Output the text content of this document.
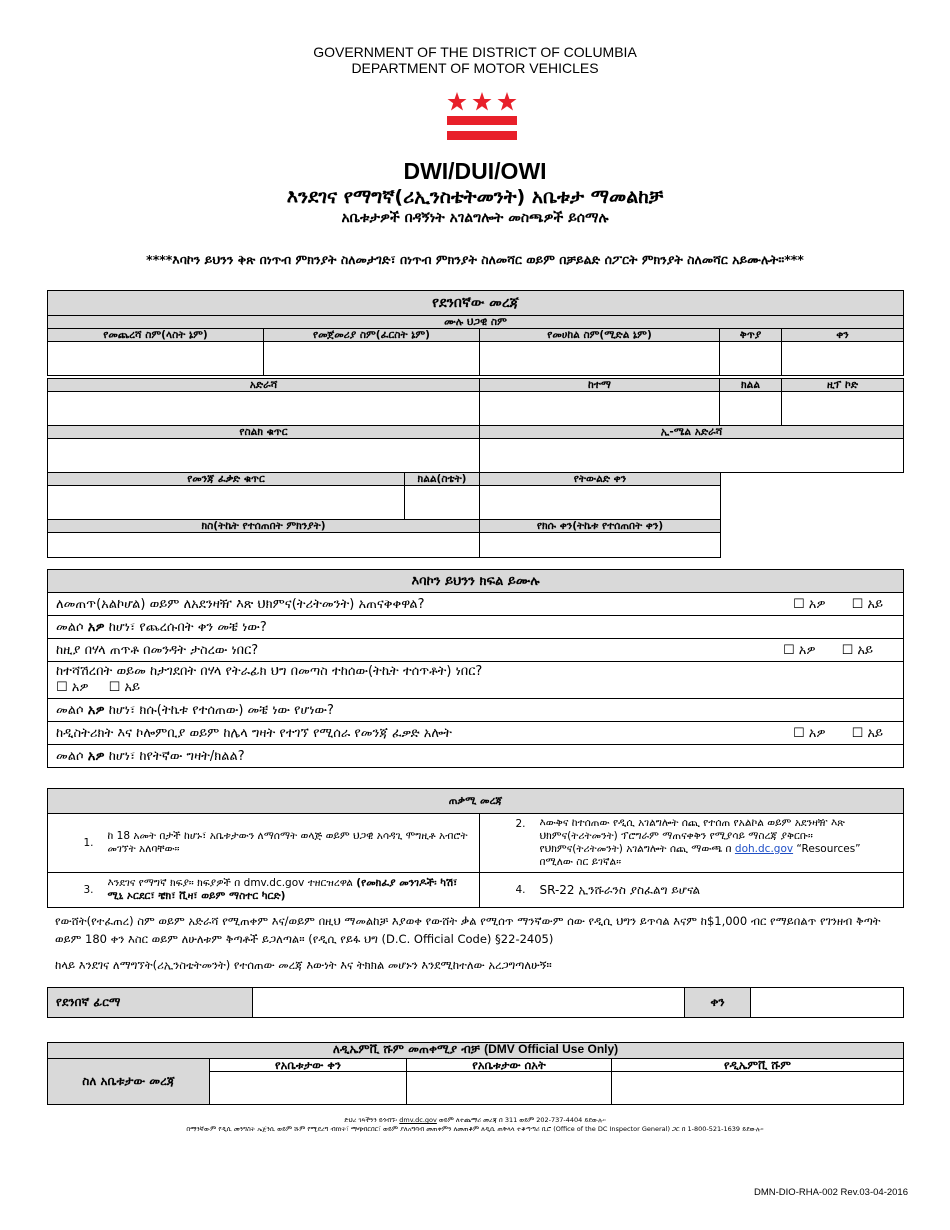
GOVERNMENT OF THE DISTRICT OF COLUMBIA
DEPARTMENT OF MOTOR VEHICLES
DWI/DUI/OWI
እንደገና የማግኛ(ሪኢንስቴትመንት) አቤቱታ ማመልከቻ
አቤቱታዎች በዳኝነት አገልግሎት መስጫዎች ይሰማሉ
****እባኮን ይህንን ቅጽ በነጥብ ምክንያት ስለመታገድ፣ በነጥብ ምክንያት ስለመሻር ወይም በቻይልድ ሰፖርት ምክንያት ስለመሻር አይሙሉት።***
የደንበኛው መረጃ				
ሙሉ ህጋዊ ስም				
የመጨረሻ ስም(ላስት ኔም)	የመጀመሪያ ስም(ፈርስት ኔም)	የመሀከል ስም(ሚድል ኔም)	ቅጥያ	ቀን

አድራሻ	ከተማ	ክልል	ዚፕ ኮድ

የስልክ ቁጥር	ኢ-ሜል አድራሻ		

የመንጃ ፈቃድ ቁጥር	ክልል(ስቴት)	የትውልድ ቀን

ክስ(ትኬት የተሰጠበት ምክንያት)		የክሱ ቀን(ትኬቱ የተሰጠበት ቀን)

እባኮን ይህንን ክፍል ይሙሉ
ለመጠጥ(አልኮሆል) ወይም ለአደንዛዥ እጽ ህክምና(ትሪትመንት) አጠናቅቀዋል?	☐ አዎ ☐ አይ

መልሶ አዎ ከሆነ፣ የጨረሱበት ቀን መቼ ነው?
ከዚያ በሃላ ጠጥቶ በመንዳት ታስረው ነበር?	☐ አዎ ☐ አይ

ከተሻሽረበት ወይመ ከታገደበት በሃላ የትራፊክ ህግ በመጣስ ተከሰው(ትኬት ተሰጥቶት) ነበር?
☐ አዎ ☐ አይ

መልሶ አዎ ከሆነ፣ ክሱ(ትኬቱ የተሰጠው) መቼ ነው የሆነው?
ከዲስትሪክት እና ኮሎምቢያ ወይም ከሌላ ግዛት የተገኘ የሚሰራ የመንጃ ፈቃድ አሎት	☐ አዎ ☐ አይ

መልሶ አዎ ከሆነ፣ ከየትኛው ግዛት/ክልል?
ጠቃሚ መረጃ			
1.	ከ 18 አመት በታች ከሆኑ፣ አቤቱታውን ለማሰማት ወላጅ ወይም ህጋዊ አሳዳጊ ሞግዚቶ አብሮት መገኘት አለባቸው።	2.	እውቅና ከተሰጠው የዲሲ አገልግሎት ሰጪ የተሰጠ የአልኮል ወይም አደንዛዥ እጽ ህክምና(ትሪትመንት) ፕሮግራም ማጠናቀቅን የሚያሳይ ማስረጃ ያቅርቡ።
የህክምና(ትሪትመንት) አገልግሎት ሰጪ ማውጫ በ doh.dc.gov “Resources” በሚለው ስር ይገኛል።
3.	እንደገና የማግኛ ክፍያ። ክፍያዎች በ dmv.dc.gov ተዘርዝረዋል (የመክፈያ መንገዶች፡ ካሽ፣ ሚኒ ኦርደር፣ ቼክ፣ ቪዛ፣ ወይም ማስተር ካርድ)	4.	SR-22 ኢንሹራንስ ያስፈልግ ይሆናል
የውሸት(የተፈጠረ) ስም ወይም አድራሻ የሚጠቀም እና/ወይም በዚህ ማመልከቻ እያወቀ የውሸት ቃል የሚሰጥ ማንኛውም ሰው የዲሲ ህግን ይጥሳል እናም ከ$1,000 ብር የማይበልጥ የገንዘብ ቅጣት ወይም 180 ቀን እስር ወይም ለሁለቱም ቅጣቶች ይጋለጣል። (የዲሲ የይፋ ህግ (D.C. Official Code) §22-2405)
ከላይ እንደገና ለማግኘት(ሪኢንስቴትመንት) የተሰጠው መረጃ እውነት እና ትክክል መሆኑን እንደሚከተለው አረጋግጣለሁኝ።
የደንበኛ ፊርማ		ቀን	
ለዲኤምቪ ሹም መጠቀሚያ ብቻ (DMV Official Use Only)			
ስለ አቤቱታው መረጃ	የአቤቱታው ቀን	የአቤቱታው ሰአት	የዲኤምቪ ሹም

ድህረ ገጻችንን ይጎብኙ፡ dmv.dc.gov ወይም ለተጨማሪ መረጃ በ 311 ወይም 202-737-4404 ይደውሉ።
በማንኛውም የዲሲ መንግስት ኤጀንሲ ወይም ሹም የሚደረግ ብክነት፣ ማጭበርበር፣ ወይም ያለአግባብ መጠቀምን ለመጠቆም ለዲሲ ጠቅላላ ተቆጣጣሪ ቢሮ (Office of the DC Inspector General) ጋር በ 1-800-521-1639 ይደውሉ።
DMN-DIO-RHA-002 Rev.03-04-2016
